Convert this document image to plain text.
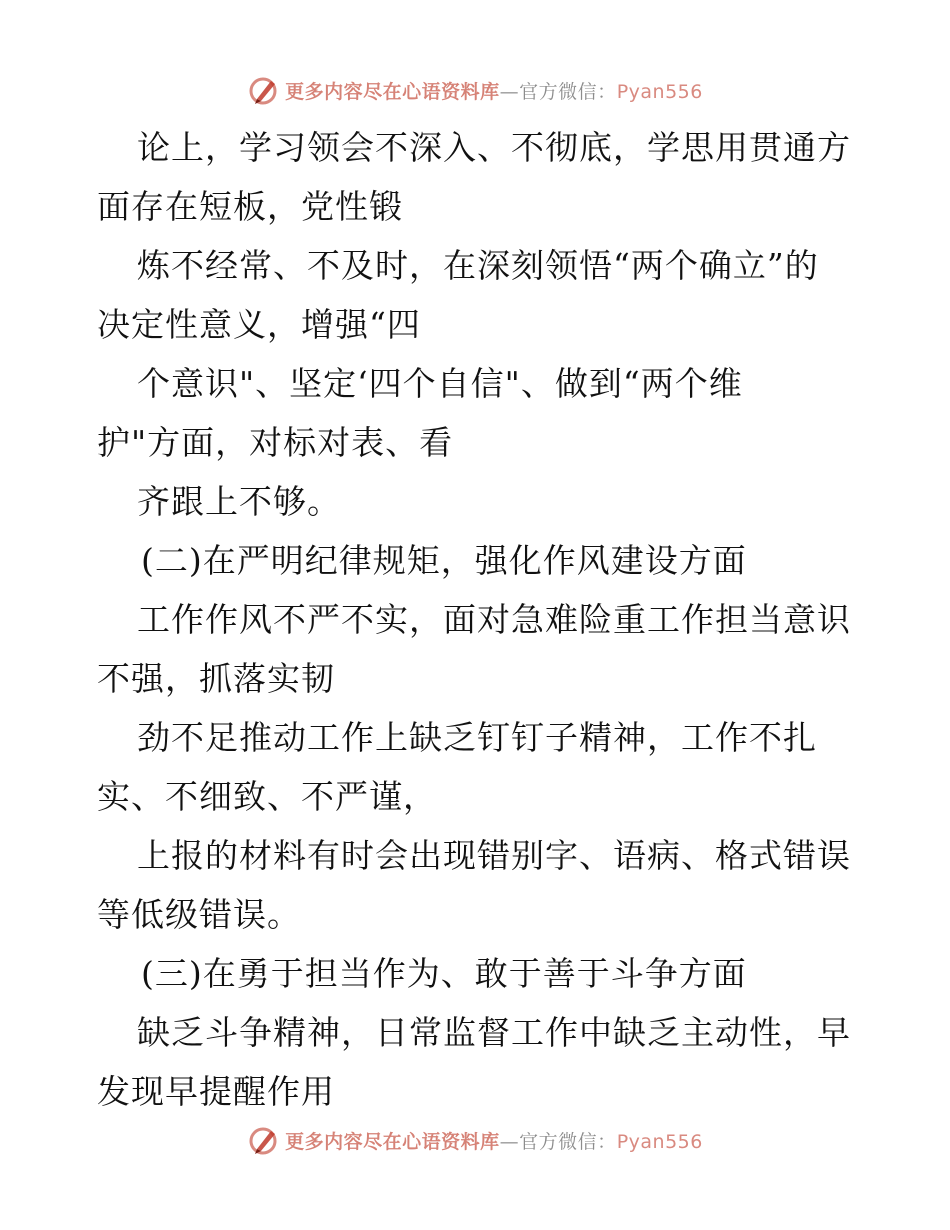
更多内容尽在心语资料库—官方微信：Pyan556
论上，学习领会不深入、不彻底，学思用贯通方
面存在短板，党性锻
炼不经常、不及时，在深刻领悟“两个确立”的
决定性意义，增强“四
个意识"、坚定‘四个自信"、做到“两个维
护"方面，对标对表、看
齐跟上不够。
(二)在严明纪律规矩，强化作风建设方面
工作作风不严不实，面对急难险重工作担当意识
不强，抓落实韧
劲不足推动工作上缺乏钉钉子精神，工作不扎
实、不细致、不严谨，
上报的材料有时会出现错别字、语病、格式错误
等低级错误。
(三)在勇于担当作为、敢于善于斗争方面
缺乏斗争精神，日常监督工作中缺乏主动性，早
发现早提醒作用
更多内容尽在心语资料库—官方微信：Pyan556
